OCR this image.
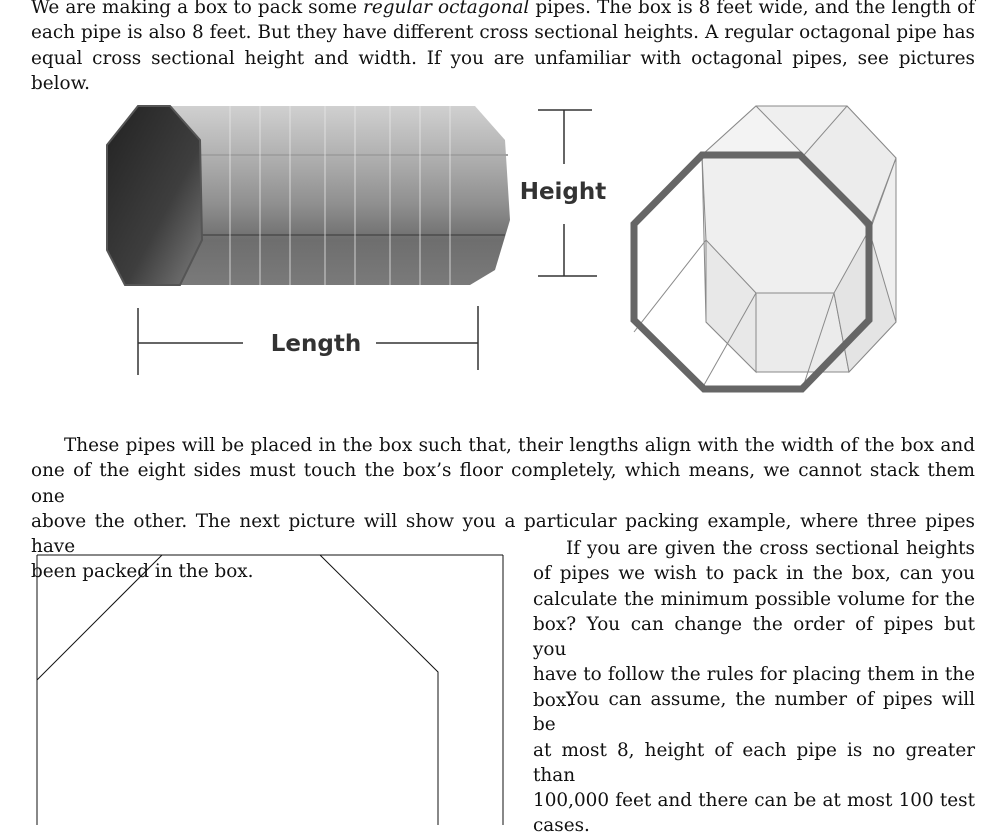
We are making a box to pack some regular octagonal pipes. The box is 8 feet wide, and the length of
each pipe is also 8 feet. But they have different cross sectional heights. A regular octagonal pipe has
equal cross sectional height and width. If you are unfamiliar with octagonal pipes, see pictures below.
Height
Length
These pipes will be placed in the box such that, their lengths align with the width of the box and
one of the eight sides must touch the box’s floor completely, which means, we cannot stack them one
above the other. The next picture will show you a particular packing example, where three pipes have
been packed in the box.
If you are given the cross sectional heights
of pipes we wish to pack in the box, can you
calculate the minimum possible volume for the
box? You can change the order of pipes but you
have to follow the rules for placing them in the
box.
You can assume, the number of pipes will be
at most 8, height of each pipe is no greater than
100,000 feet and there can be at most 100 test
cases.
